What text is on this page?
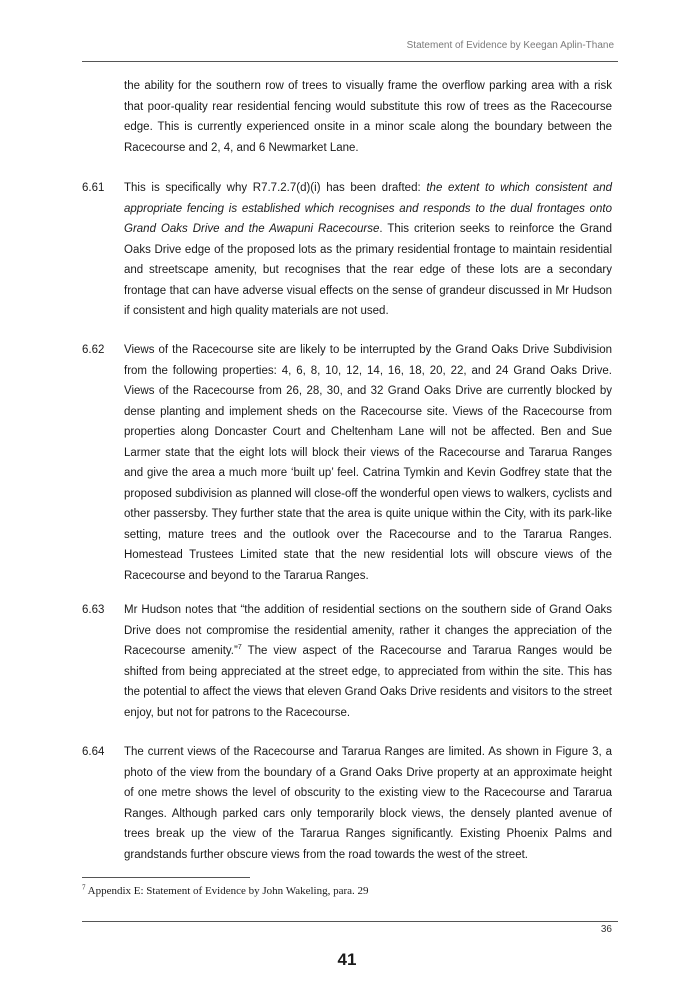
Statement of Evidence by Keegan Aplin-Thane
the ability for the southern row of trees to visually frame the overflow parking area with a risk that poor-quality rear residential fencing would substitute this row of trees as the Racecourse edge. This is currently experienced onsite in a minor scale along the boundary between the Racecourse and 2, 4, and 6 Newmarket Lane.
6.61	This is specifically why R7.7.2.7(d)(i) has been drafted: the extent to which consistent and appropriate fencing is established which recognises and responds to the dual frontages onto Grand Oaks Drive and the Awapuni Racecourse. This criterion seeks to reinforce the Grand Oaks Drive edge of the proposed lots as the primary residential frontage to maintain residential and streetscape amenity, but recognises that the rear edge of these lots are a secondary frontage that can have adverse visual effects on the sense of grandeur discussed in Mr Hudson if consistent and high quality materials are not used.
6.62	Views of the Racecourse site are likely to be interrupted by the Grand Oaks Drive Subdivision from the following properties: 4, 6, 8, 10, 12, 14, 16, 18, 20, 22, and 24 Grand Oaks Drive. Views of the Racecourse from 26, 28, 30, and 32 Grand Oaks Drive are currently blocked by dense planting and implement sheds on the Racecourse site. Views of the Racecourse from properties along Doncaster Court and Cheltenham Lane will not be affected. Ben and Sue Larmer state that the eight lots will block their views of the Racecourse and Tararua Ranges and give the area a much more ‘built up’ feel. Catrina Tymkin and Kevin Godfrey state that the proposed subdivision as planned will close-off the wonderful open views to walkers, cyclists and other passersby. They further state that the area is quite unique within the City, with its park-like setting, mature trees and the outlook over the Racecourse and to the Tararua Ranges. Homestead Trustees Limited state that the new residential lots will obscure views of the Racecourse and beyond to the Tararua Ranges.
6.63	Mr Hudson notes that “the addition of residential sections on the southern side of Grand Oaks Drive does not compromise the residential amenity, rather it changes the appreciation of the Racecourse amenity.”$^7$ The view aspect of the Racecourse and Tararua Ranges would be shifted from being appreciated at the street edge, to appreciated from within the site. This has the potential to affect the views that eleven Grand Oaks Drive residents and visitors to the street enjoy, but not for patrons to the Racecourse.
6.64	The current views of the Racecourse and Tararua Ranges are limited. As shown in Figure 3, a photo of the view from the boundary of a Grand Oaks Drive property at an approximate height of one metre shows the level of obscurity to the existing view to the Racecourse and Tararua Ranges. Although parked cars only temporarily block views, the densely planted avenue of trees break up the view of the Tararua Ranges significantly. Existing Phoenix Palms and grandstands further obscure views from the road towards the west of the street.
$^7$ Appendix E: Statement of Evidence by John Wakeling, para. 29
36
41
